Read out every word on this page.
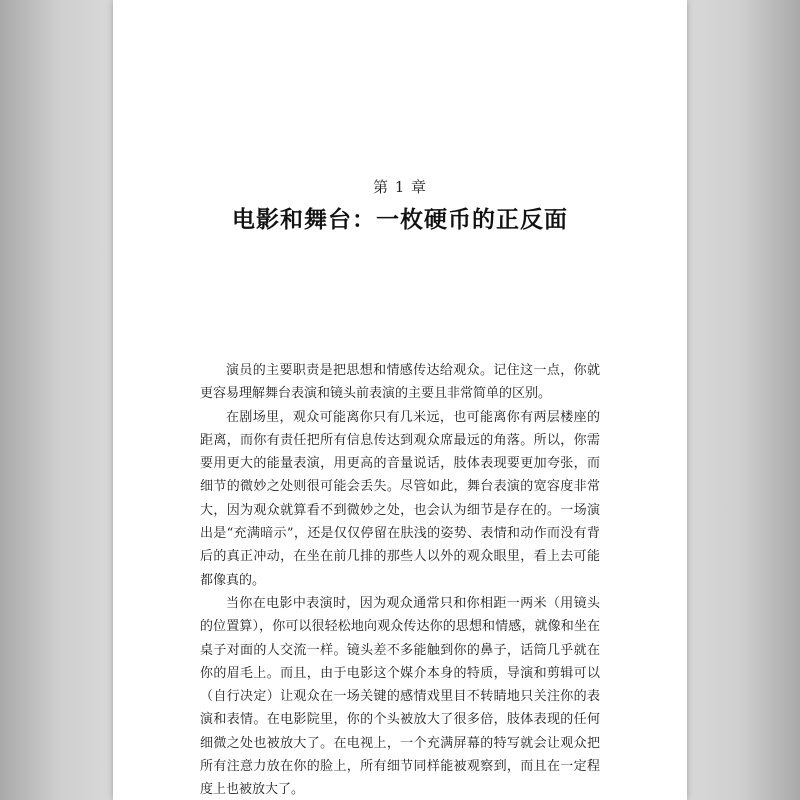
第 1 章
电影和舞台：一枚硬币的正反面

演员的主要职责是把思想和情感传达给观众。记住这一点，你就更容易理解舞台表演和镜头前表演的主要且非常简单的区别。

在剧场里，观众可能离你只有几米远，也可能离你有两层楼座的距离，而你有责任把所有信息传达到观众席最远的角落。所以，你需要用更大的能量表演，用更高的音量说话，肢体表现要更加夸张，而细节的微妙之处则很可能会丢失。尽管如此，舞台表演的宽容度非常大，因为观众就算看不到微妙之处，也会认为细节是存在的。一场演出是“充满暗示”，还是仅仅停留在肤浅的姿势、表情和动作而没有背后的真正冲动，在坐在前几排的那些人以外的观众眼里，看上去可能都像真的。

当你在电影中表演时，因为观众通常只和你相距一两米（用镜头的位置算），你可以很轻松地向观众传达你的思想和情感，就像和坐在桌子对面的人交流一样。镜头差不多能触到你的鼻子，话筒几乎就在你的眉毛上。而且，由于电影这个媒介本身的特质，导演和剪辑可以（自行决定）让观众在一场关键的感情戏里目不转睛地只关注你的表演和表情。在电影院里，你的个头被放大了很多倍，肢体表现的任何细微之处也被放大了。在电视上，一个充满屏幕的特写就会让观众把所有注意力放在你的脸上，所有细节同样能被观察到，而且在一定程度上也被放大了。
